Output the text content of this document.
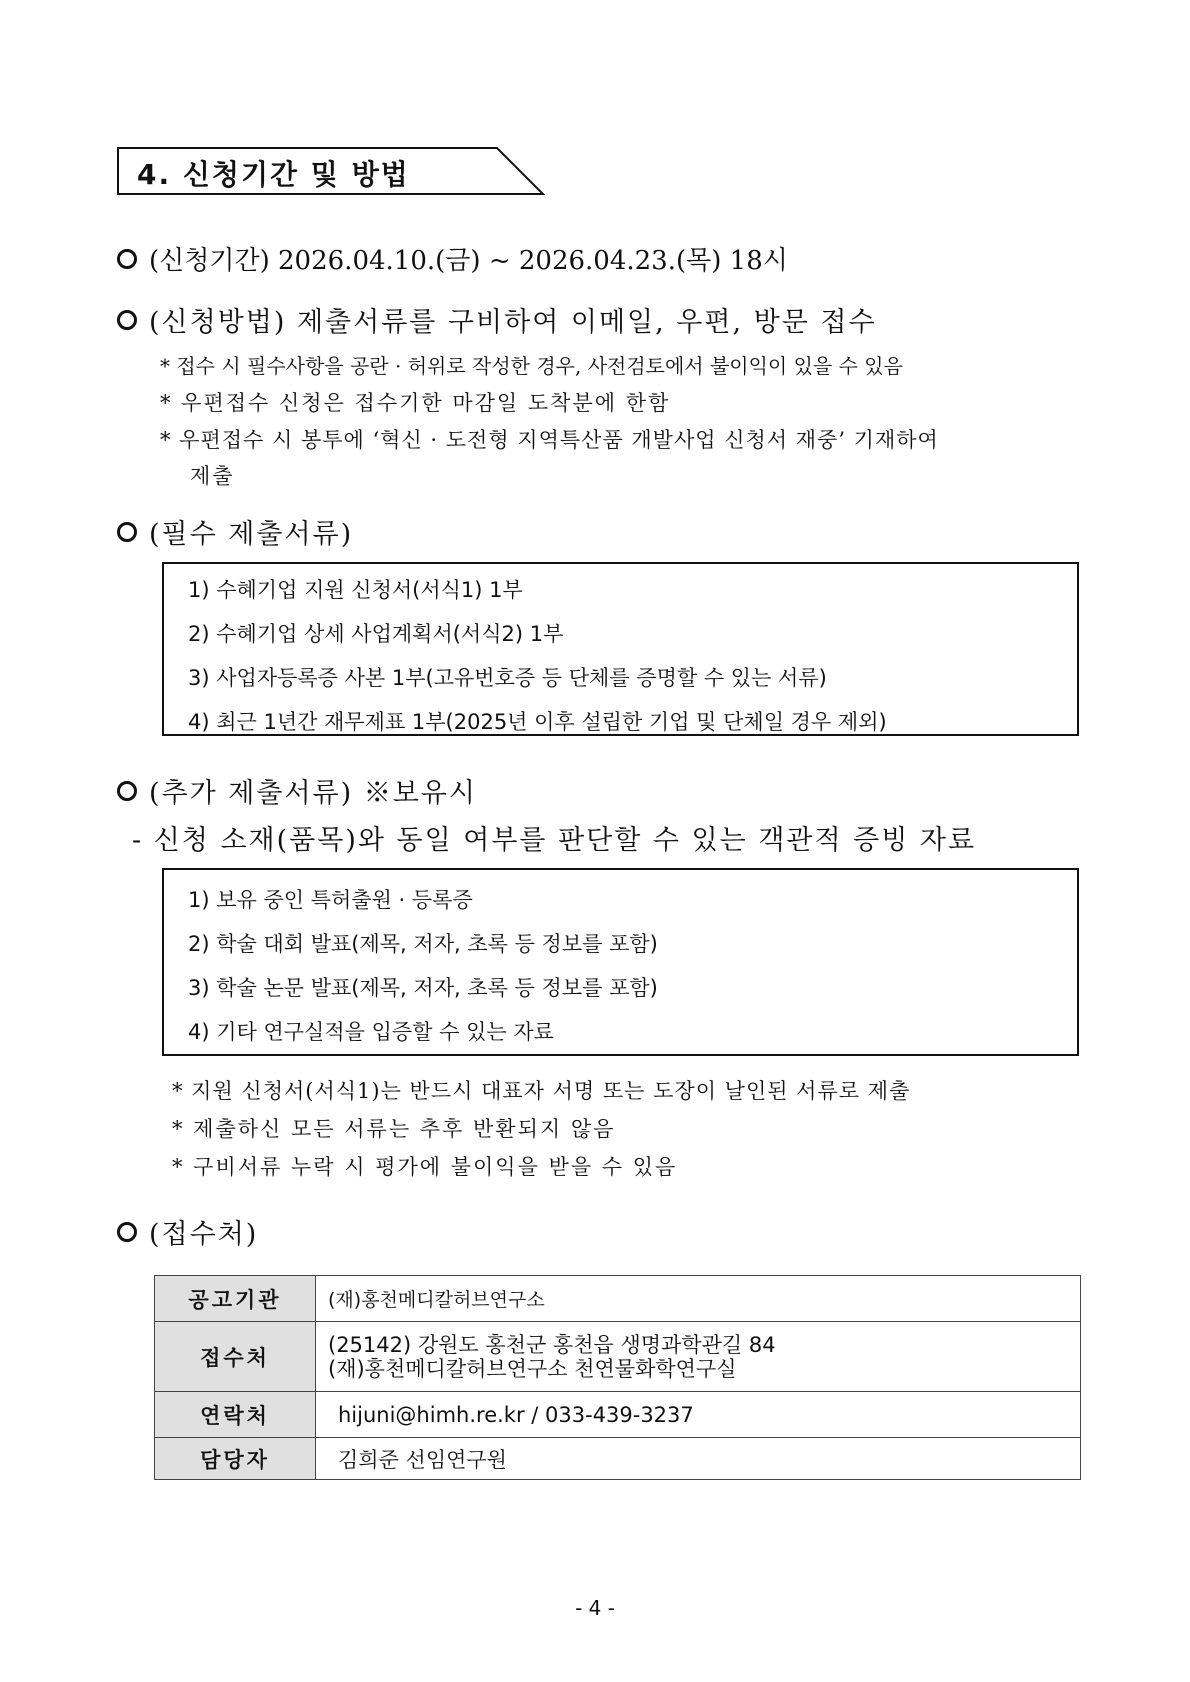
4. 신청기간 및 방법
(신청기간) 2026.04.10.(금) ~ 2026.04.23.(목) 18시
(신청방법) 제출서류를 구비하여 이메일, 우편, 방문 접수
* 접수 시 필수사항을 공란 · 허위로 작성한 경우, 사전검토에서 불이익이 있을 수 있음
* 우편접수 신청은 접수기한 마감일 도착분에 한함
* 우편접수 시 봉투에 ‘혁신 · 도전형 지역특산품 개발사업 신청서 재중’ 기재하여
제출
(필수 제출서류)
1) 수혜기업 지원 신청서(서식1) 1부
2) 수혜기업 상세 사업계획서(서식2) 1부
3) 사업자등록증 사본 1부(고유번호증 등 단체를 증명할 수 있는 서류)
4) 최근 1년간 재무제표 1부(2025년 이후 설립한 기업 및 단체일 경우 제외)
(추가 제출서류) ※보유시
- 신청 소재(품목)와 동일 여부를 판단할 수 있는 객관적 증빙 자료
1) 보유 중인 특허출원 · 등록증
2) 학술 대회 발표(제목, 저자, 초록 등 정보를 포함)
3) 학술 논문 발표(제목, 저자, 초록 등 정보를 포함)
4) 기타 연구실적을 입증할 수 있는 자료
* 지원 신청서(서식1)는 반드시 대표자 서명 또는 도장이 날인된 서류로 제출
* 제출하신 모든 서류는 추후 반환되지 않음
* 구비서류 누락 시 평가에 불이익을 받을 수 있음
(접수처)
공고기관	(재)홍천메디칼허브연구소
접수처	(25142) 강원도 홍천군 홍천읍 생명과학관길 84
(재)홍천메디칼허브연구소 천연물화학연구실

연락처	hijuni@himh.re.kr / 033-439-3237
담당자	김희준 선임연구원
- 4 -
